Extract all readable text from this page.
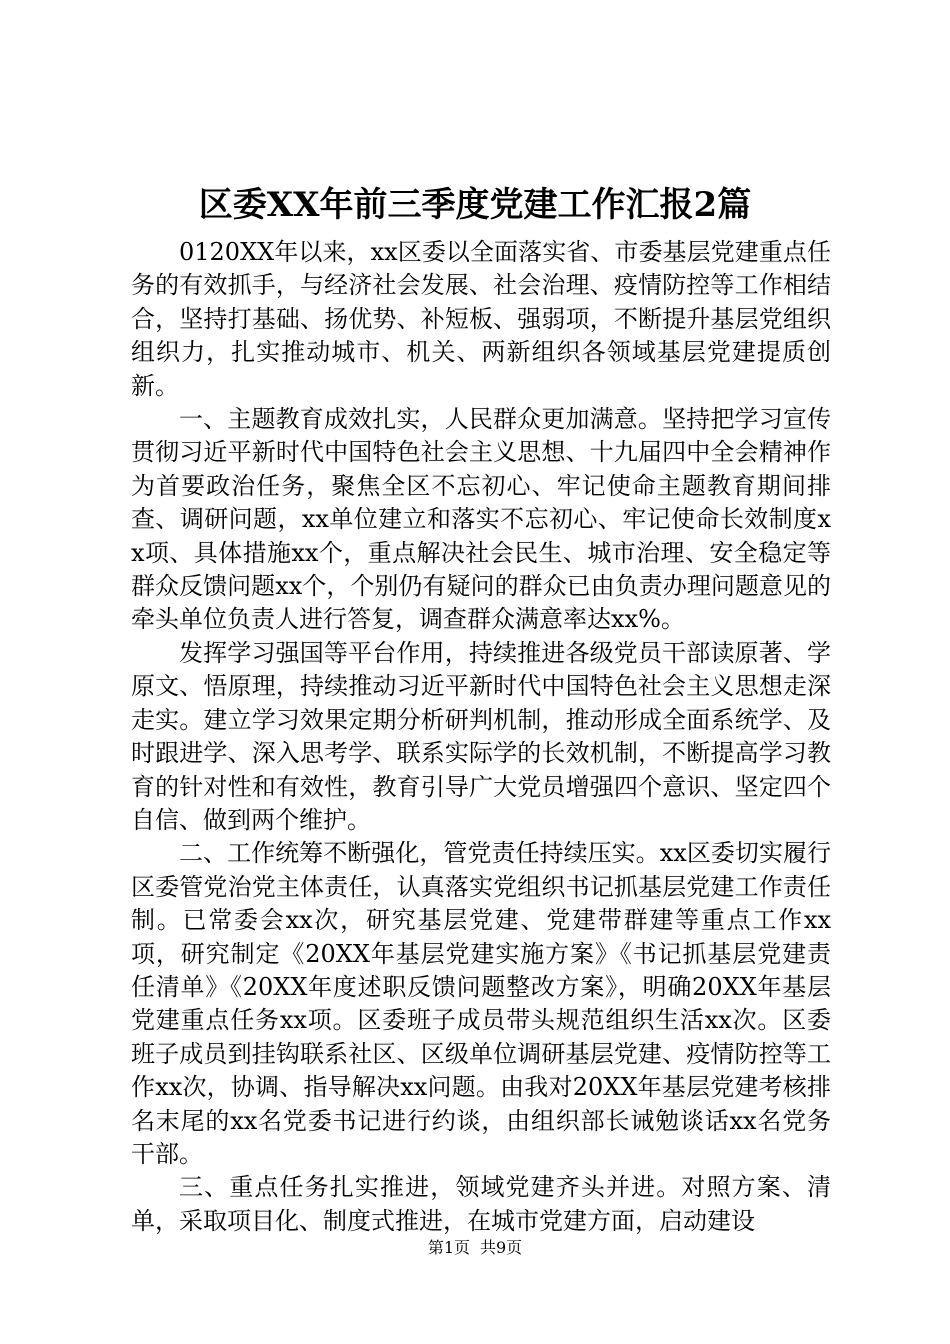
区委XX年前三季度党建工作汇报2篇

0120XX年以来，xx区委以全面落实省、市委基层党建重点任务的有效抓手，与经济社会发展、社会治理、疫情防控等工作相结合，坚持打基础、扬优势、补短板、强弱项，不断提升基层党组织组织力，扎实推动城市、机关、两新组织各领域基层党建提质创新。

一、主题教育成效扎实，人民群众更加满意。坚持把学习宣传贯彻习近平新时代中国特色社会主义思想、十九届四中全会精神作为首要政治任务，聚焦全区不忘初心、牢记使命主题教育期间排查、调研问题，xx单位建立和落实不忘初心、牢记使命长效制度xx项、具体措施xx个，重点解决社会民生、城市治理、安全稳定等群众反馈问题xx个，个别仍有疑问的群众已由负责办理问题意见的牵头单位负责人进行答复，调查群众满意率达xx%。

发挥学习强国等平台作用，持续推进各级党员干部读原著、学原文、悟原理，持续推动习近平新时代中国特色社会主义思想走深走实。建立学习效果定期分析研判机制，推动形成全面系统学、及时跟进学、深入思考学、联系实际学的长效机制，不断提高学习教育的针对性和有效性，教育引导广大党员增强四个意识、坚定四个自信、做到两个维护。

二、工作统筹不断强化，管党责任持续压实。xx区委切实履行区委管党治党主体责任，认真落实党组织书记抓基层党建工作责任制。已常委会xx次，研究基层党建、党建带群建等重点工作xx项，研究制定《20XX年基层党建实施方案》《书记抓基层党建责任清单》《20XX年度述职反馈问题整改方案》，明确20XX年基层党建重点任务xx项。区委班子成员带头规范组织生活xx次。区委班子成员到挂钩联系社区、区级单位调研基层党建、疫情防控等工作xx次，协调、指导解决xx问题。由我对20XX年基层党建考核排名末尾的xx名党委书记进行约谈，由组织部长诫勉谈话xx名党务干部。

三、重点任务扎实推进，领域党建齐头并进。对照方案、清单，采取项目化、制度式推进，在城市党建方面，启动建设

第1页 共9页
